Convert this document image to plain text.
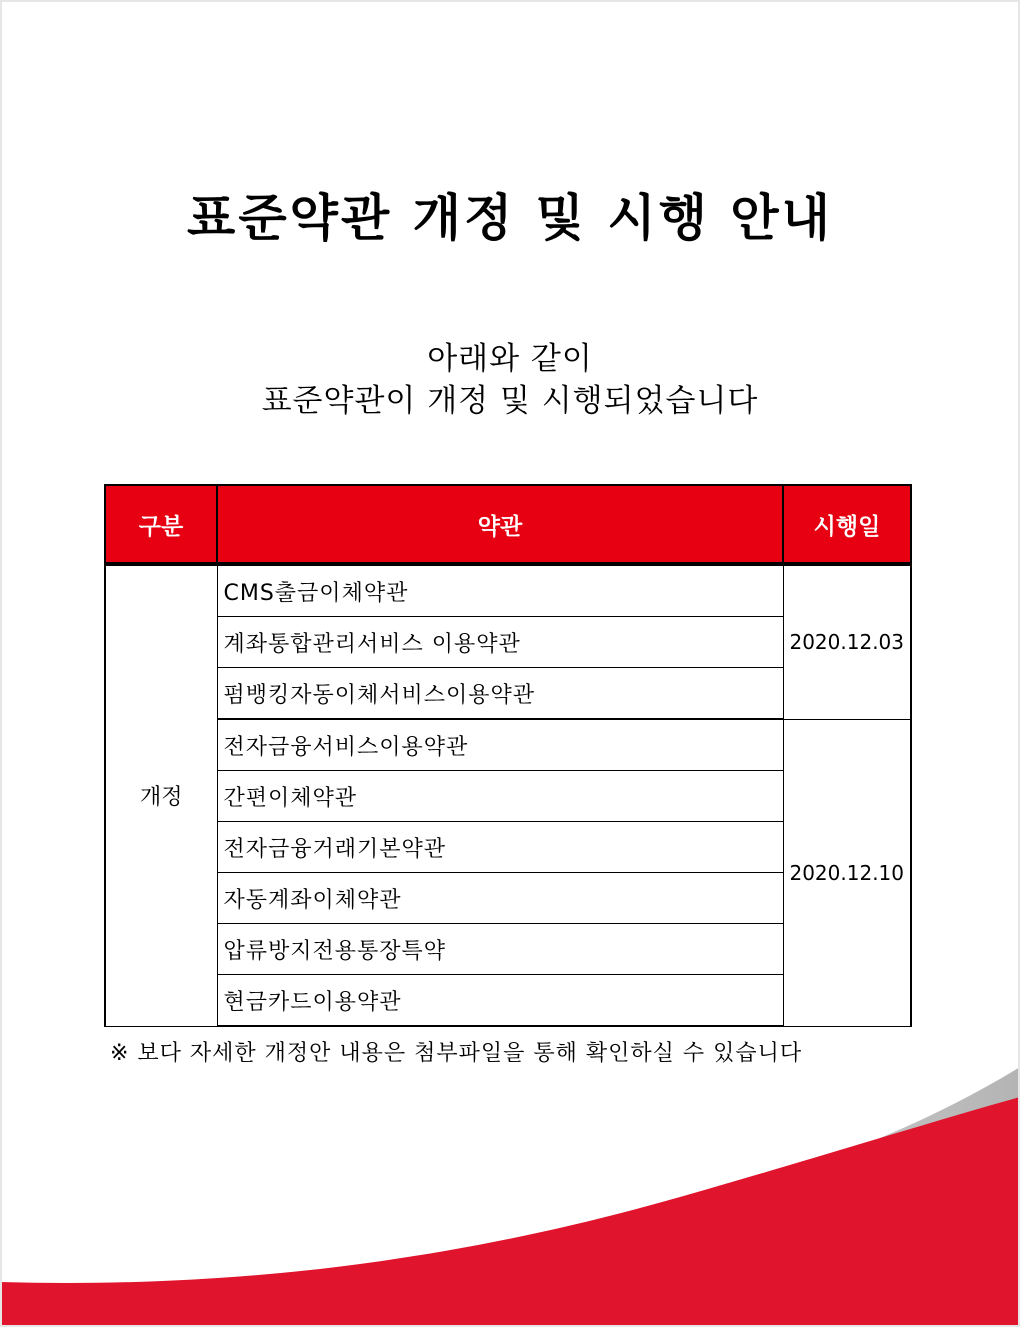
표준약관 개정 및 시행 안내
아래와 같이
표준약관이 개정 및 시행되었습니다
구분	약관	시행일
개정	CMS출금이체약관	2020.12.03
	계좌통합관리서비스 이용약관	
	펌뱅킹자동이체서비스이용약관	
	전자금융서비스이용약관	2020.12.10
	간편이체약관	
	전자금융거래기본약관	
	자동계좌이체약관	
	압류방지전용통장특약	
	현금카드이용약관	
※ 보다 자세한 개정안 내용은 첨부파일을 통해 확인하실 수 있습니다
